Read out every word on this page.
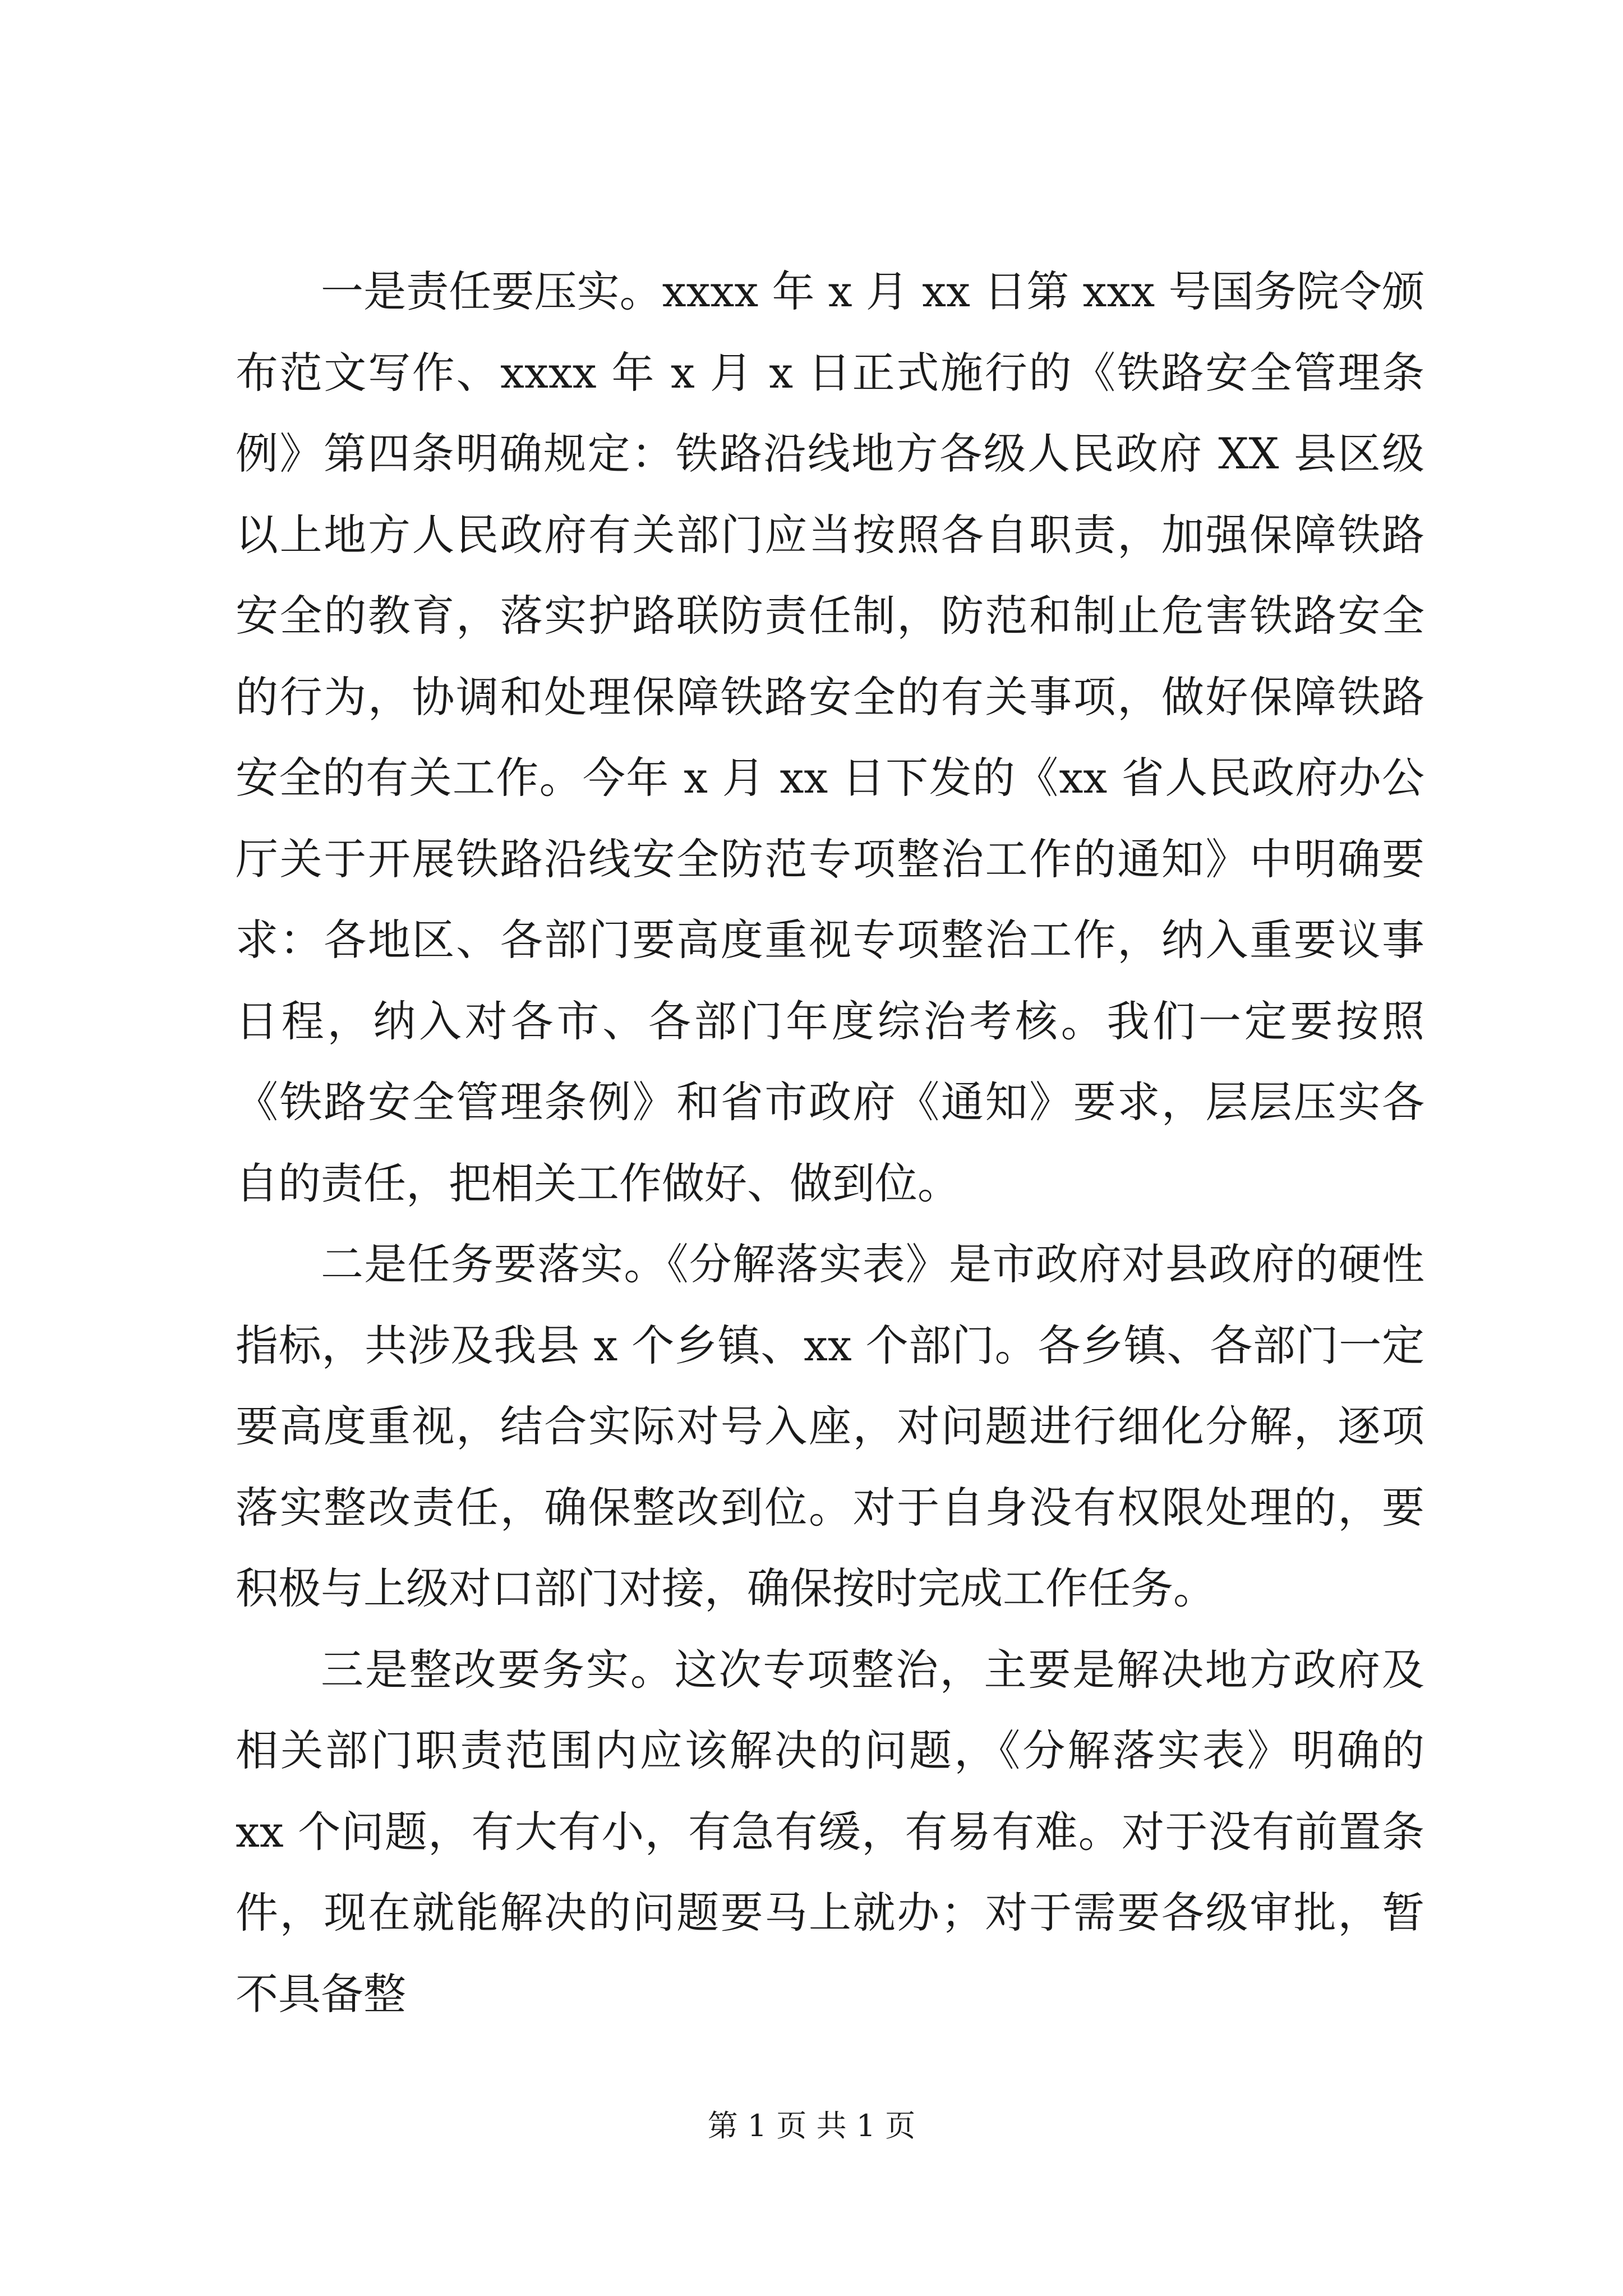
一是责任要压实。xxxx 年 x 月 xx 日第 xxx 号国务院令颁布范文写作、xxxx 年 x 月 x 日正式施行的《铁路安全管理条例》第四条明确规定：铁路沿线地方各级人民政府 XX 县区级以上地方人民政府有关部门应当按照各自职责，加强保障铁路安全的教育，落实护路联防责任制，防范和制止危害铁路安全的行为，协调和处理保障铁路安全的有关事项，做好保障铁路安全的有关工作。今年 x 月 xx 日下发的《xx 省人民政府办公厅关于开展铁路沿线安全防范专项整治工作的通知》中明确要求：各地区、各部门要高度重视专项整治工作，纳入重要议事日程，纳入对各市、各部门年度综治考核。我们一定要按照《铁路安全管理条例》和省市政府《通知》要求，层层压实各自的责任，把相关工作做好、做到位。

二是任务要落实。《分解落实表》是市政府对县政府的硬性指标，共涉及我县 x 个乡镇、xx 个部门。各乡镇、各部门一定要高度重视，结合实际对号入座，对问题进行细化分解，逐项落实整改责任，确保整改到位。对于自身没有权限处理的，要积极与上级对口部门对接，确保按时完成工作任务。

三是整改要务实。这次专项整治，主要是解决地方政府及相关部门职责范围内应该解决的问题，《分解落实表》明确的 xx 个问题，有大有小，有急有缓，有易有难。对于没有前置条件，现在就能解决的问题要马上就办；对于需要各级审批，暂不具备整

第 1 页 共 1 页
